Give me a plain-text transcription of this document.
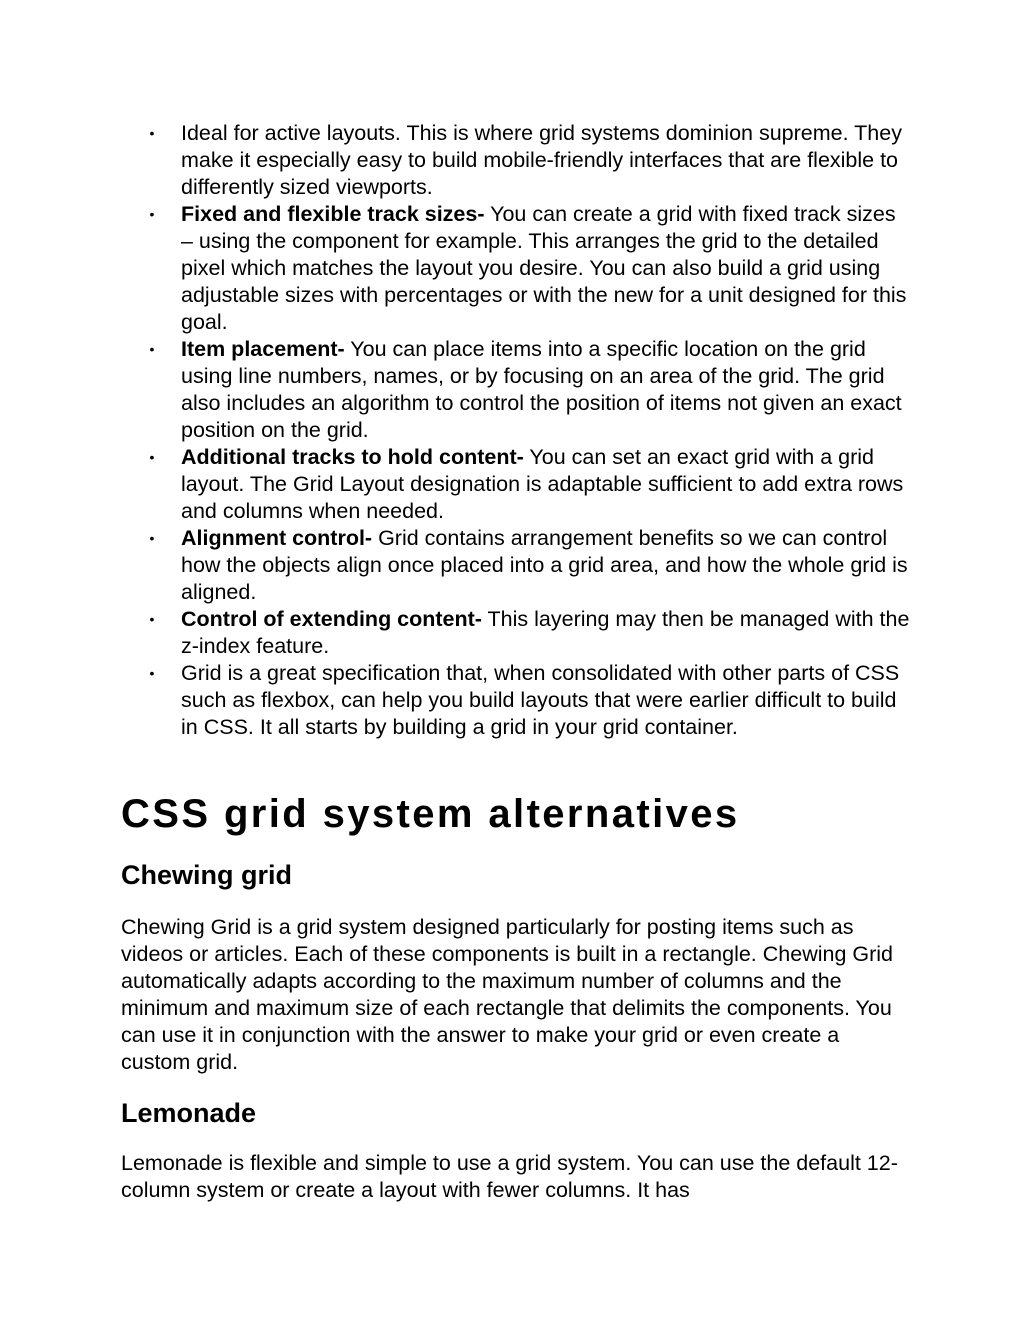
• Ideal for active layouts. This is where grid systems dominion supreme. They make it especially easy to build mobile-friendly interfaces that are flexible to differently sized viewports.
• Fixed and flexible track sizes- You can create a grid with fixed track sizes – using the component for example. This arranges the grid to the detailed pixel which matches the layout you desire. You can also build a grid using adjustable sizes with percentages or with the new for a unit designed for this goal.
• Item placement- You can place items into a specific location on the grid using line numbers, names, or by focusing on an area of the grid. The grid also includes an algorithm to control the position of items not given an exact position on the grid.
• Additional tracks to hold content- You can set an exact grid with a grid layout. The Grid Layout designation is adaptable sufficient to add extra rows and columns when needed.
• Alignment control- Grid contains arrangement benefits so we can control how the objects align once placed into a grid area, and how the whole grid is aligned.
• Control of extending content- This layering may then be managed with the z-index feature.
• Grid is a great specification that, when consolidated with other parts of CSS such as flexbox, can help you build layouts that were earlier difficult to build in CSS. It all starts by building a grid in your grid container.
CSS grid system alternatives
Chewing grid

Chewing Grid is a grid system designed particularly for posting items such as videos or articles. Each of these components is built in a rectangle. Chewing Grid automatically adapts according to the maximum number of columns and the minimum and maximum size of each rectangle that delimits the components. You can use it in conjunction with the answer to make your grid or even create a custom grid.

Lemonade

Lemonade is flexible and simple to use a grid system. You can use the default 12-column system or create a layout with fewer columns. It has
